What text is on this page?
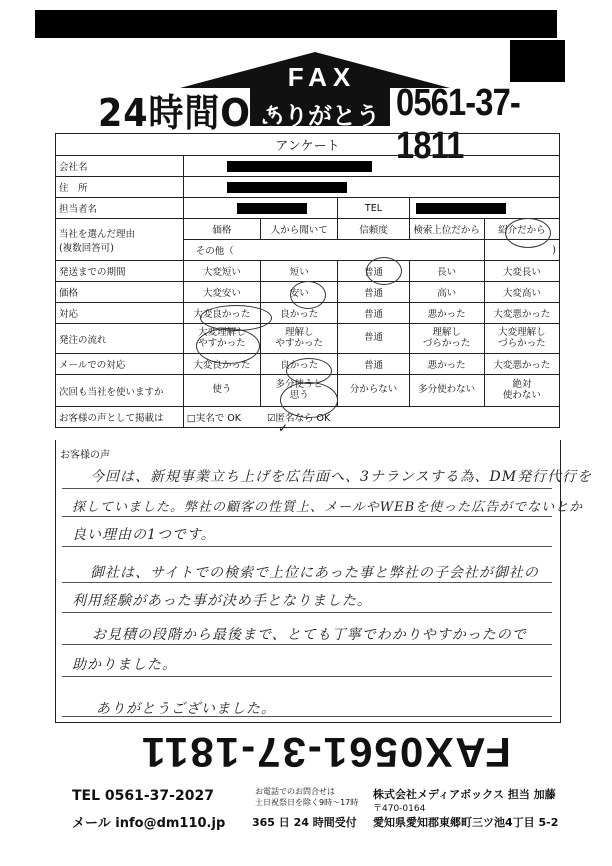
FAX
ありがとう
24時間OK	0561-37-1811
アンケート					
会社名					

住　所					

担当者名			TEL		

当社を選んだ理由
(複数回答可)	価格	人から聞いて	信頼度	検索上位だから	紹介だから
	その他（				)
発送までの期間	大変短い	短い	普通	長い	大変長い
価格	大変安い	安い	普通	高い	大変高い
対応	大変良かった	良かった	普通	悪かった	大変悪かった
発注の流れ	大変理解し
やすかった	理解し
やすかった	普通	理解し
づらかった	大変理解し
づらかった
メールでの対応	大変良かった	良かった	普通	悪かった	大変悪かった
次回も当社を使いますか	使う	多分使うと
思う	分からない	多分使わない	絶対
使わない
お客様の声として掲載は	□実名で OK ☑匿名なら OK				
✓
お客様の声
今回は、新規事業立ち上げを広告面へ、3ナランスする為、DM発行代行を
探していました。弊社の顧客の性質上、メールやWEBを使った広告がでないとか
良い理由の1つです。
御社は、サイトでの検索で上位にあった事と弊社の子会社が御社の
利用経験があった事が決め手となりました。
お見積の段階から最後まで、とても丁寧でわかりやすかったので
助かりました。
ありがとうございました。
FAX0561-37-1811
TEL 0561-37-2027
メール info@dm110.jp
お電話でのお問合せは
土日祝祭日を除く9時〜17時
365 日 24 時間受付
株式会社メディアボックス 担当 加藤
〒470-0164
愛知県愛知郡東郷町三ツ池4丁目 5-2
